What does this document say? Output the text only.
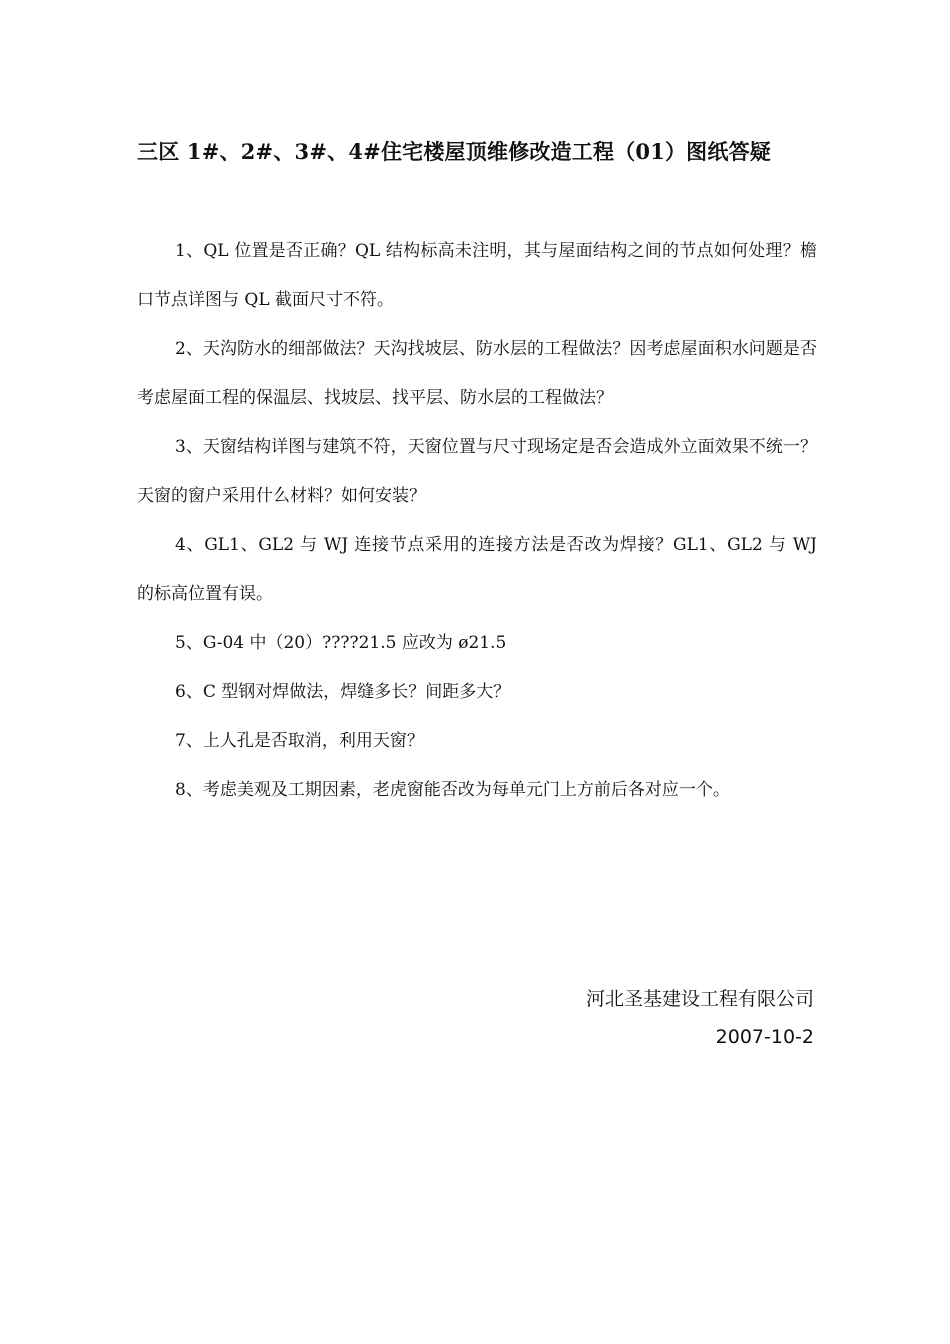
三区 1#、2#、3#、4#住宅楼屋顶维修改造工程（01）图纸答疑

1、QL 位置是否正确？QL 结构标高未注明，其与屋面结构之间的节点如何处理？檐口节点详图与 QL 截面尺寸不符。

2、天沟防水的细部做法？天沟找坡层、防水层的工程做法？因考虑屋面积水问题是否考虑屋面工程的保温层、找坡层、找平层、防水层的工程做法？

3、天窗结构详图与建筑不符，天窗位置与尺寸现场定是否会造成外立面效果不统一？天窗的窗户采用什么材料？如何安装？

4、GL1、GL2 与 WJ 连接节点采用的连接方法是否改为焊接？GL1、GL2 与 WJ 的标高位置有误。

5、G-04 中（20）????21.5 应改为 ø21.5

6、C 型钢对焊做法，焊缝多长？间距多大？

7、上人孔是否取消，利用天窗？

8、考虑美观及工期因素，老虎窗能否改为每单元门上方前后各对应一个。

河北圣基建设工程有限公司
2007-10-2
